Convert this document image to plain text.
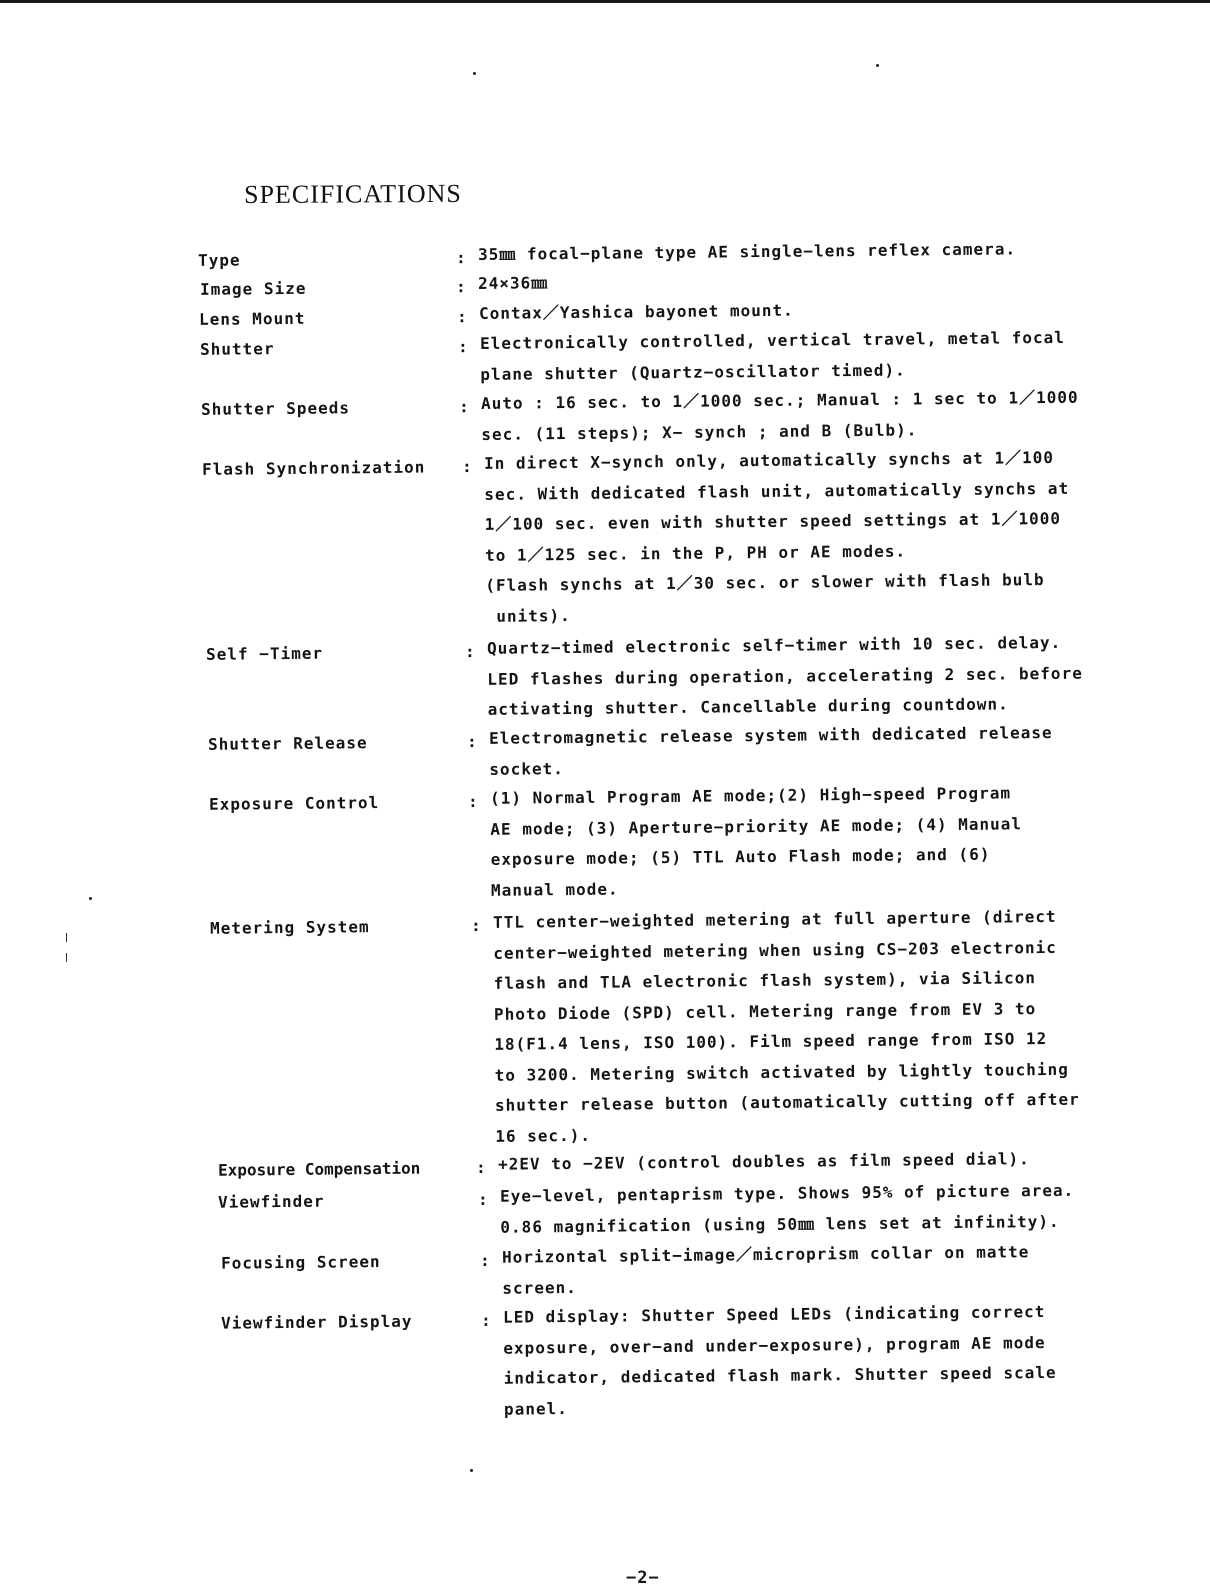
SPECIFICATIONS
Type	: 35㎜ focal−plane type AE single−lens reflex camera.
Image Size	: 24×36㎜
Lens Mount	: Contax／Yashica bayonet mount.
Shutter	: Electronically controlled, vertical travel, metal focal
plane shutter (Quartz−oscillator timed).
Shutter Speeds	: Auto : 16 sec. to 1／1000 sec.; Manual : 1 sec to 1／1000
sec. (11 steps); X− synch ; and B (Bulb).
Flash Synchronization : In direct X−synch only, automatically synchs at 1／100
sec. With dedicated flash unit, automatically synchs at
1／100 sec. even with shutter speed settings at 1／1000
to 1／125 sec. in the P, PH or AE modes.
(Flash synchs at 1／30 sec. or slower with flash bulb
units).
Self −Timer	: Quartz−timed electronic self−timer with 10 sec. delay.
LED flashes during operation, accelerating 2 sec. before
activating shutter. Cancellable during countdown.
Shutter Release	: Electromagnetic release system with dedicated release
socket.
Exposure Control	: (1) Normal Program AE mode;(2) High−speed Program
AE mode; (3) Aperture−priority AE mode; (4) Manual
exposure mode; (5) TTL Auto Flash mode; and (6)
Manual mode.
Metering System	: TTL center−weighted metering at full aperture (direct
center−weighted metering when using CS−203 electronic
flash and TLA electronic flash system), via Silicon
Photo Diode (SPD) cell. Metering range from EV 3 to
18(F1.4 lens, ISO 100). Film speed range from ISO 12
to 3200. Metering switch activated by lightly touching
shutter release button (automatically cutting off after
16 sec.).
Exposure Compensation	: +2EV to −2EV (control doubles as film speed dial).
Viewfinder	: Eye−level, pentaprism type. Shows 95% of picture area.
0.86 magnification (using 50㎜ lens set at infinity).
Focusing Screen	: Horizontal split−image／microprism collar on matte
screen.
Viewfinder Display	: LED display: Shutter Speed LEDs (indicating correct
exposure, over−and under−exposure), program AE mode
indicator, dedicated flash mark. Shutter speed scale
panel.
−2−
